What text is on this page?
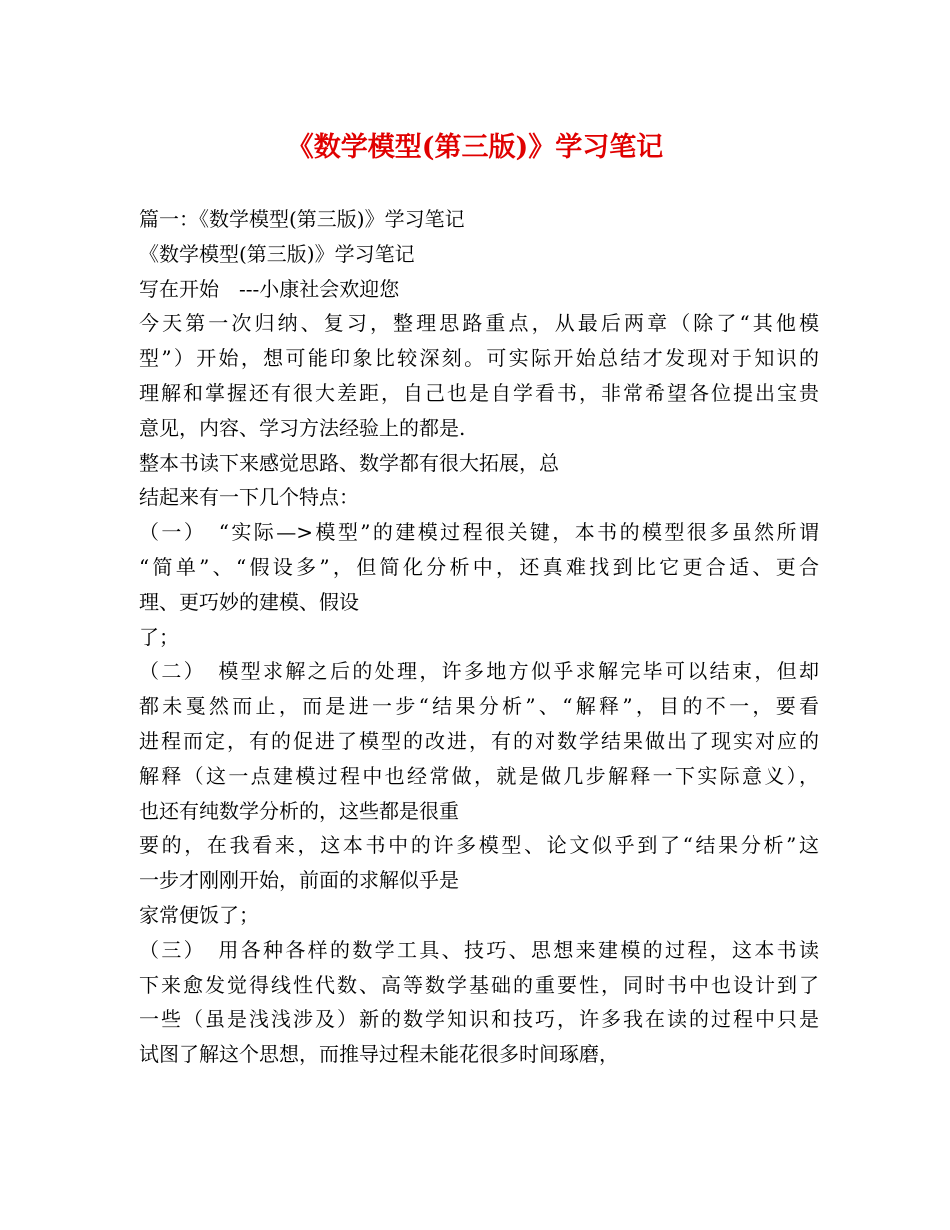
《数学模型(第三版)》学习笔记
篇一：《数学模型(第三版)》学习笔记
《数学模型(第三版)》学习笔记
写在开始　---小康社会欢迎您
今天第一次归纳、复习，整理思路重点，从最后两章（除了“其他模
型”）开始，想可能印象比较深刻。可实际开始总结才发现对于知识的
理解和掌握还有很大差距，自己也是自学看书，非常希望各位提出宝贵
意见，内容、学习方法经验上的都是.
整本书读下来感觉思路、数学都有很大拓展，总
结起来有一下几个特点：
（一）　“实际—>模型”的建模过程很关键，本书的模型很多虽然所谓
“简单”、“假设多”，但简化分析中，还真难找到比它更合适、更合
理、更巧妙的建模、假设
了；
（二）　模型求解之后的处理，许多地方似乎求解完毕可以结束，但却
都未戛然而止，而是进一步“结果分析”、“解释”，目的不一，要看
进程而定，有的促进了模型的改进，有的对数学结果做出了现实对应的
解释（这一点建模过程中也经常做，就是做几步解释一下实际意义），
也还有纯数学分析的，这些都是很重
要的，在我看来，这本书中的许多模型、论文似乎到了“结果分析”这
一步才刚刚开始，前面的求解似乎是
家常便饭了；
（三）　用各种各样的数学工具、技巧、思想来建模的过程，这本书读
下来愈发觉得线性代数、高等数学基础的重要性，同时书中也设计到了
一些（虽是浅浅涉及）新的数学知识和技巧，许多我在读的过程中只是
试图了解这个思想，而推导过程未能花很多时间琢磨，
